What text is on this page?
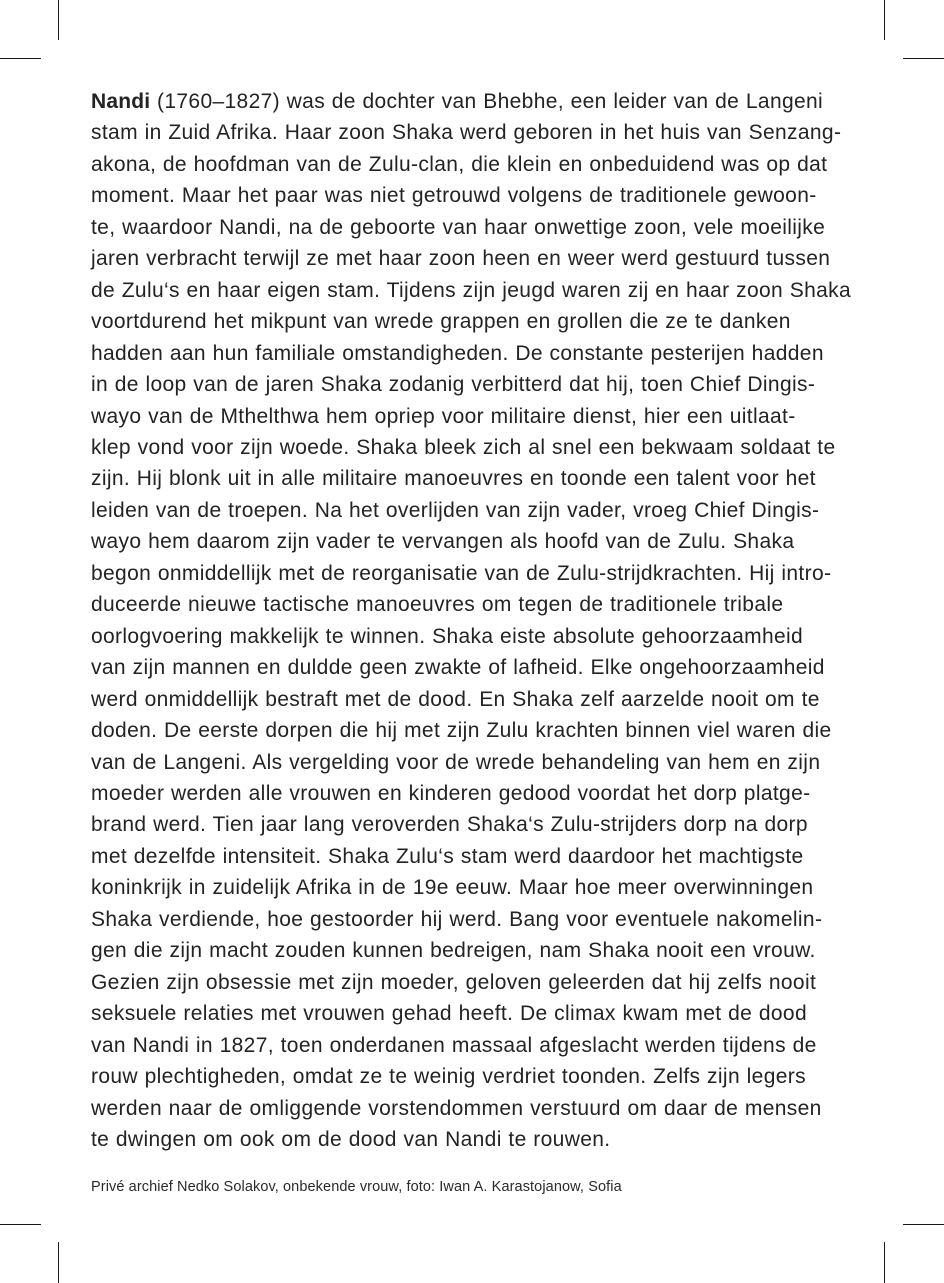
Nandi (1760–1827) was de dochter van Bhebhe, een leider van de Langeni
stam in Zuid Afrika. Haar zoon Shaka werd geboren in het huis van Senzang-
akona, de hoofdman van de Zulu-clan, die klein en onbeduidend was op dat
moment. Maar het paar was niet getrouwd volgens de traditionele gewoon-
te, waardoor Nandi, na de geboorte van haar onwettige zoon, vele moeilijke
jaren verbracht terwijl ze met haar zoon heen en weer werd gestuurd tussen
de Zulu‘s en haar eigen stam. Tijdens zijn jeugd waren zij en haar zoon Shaka
voortdurend het mikpunt van wrede grappen en grollen die ze te danken
hadden aan hun familiale omstandigheden. De constante pesterijen hadden
in de loop van de jaren Shaka zodanig verbitterd dat hij, toen Chief Dingis-
wayo van de Mthelthwa hem opriep voor militaire dienst, hier een uitlaat-
klep vond voor zijn woede. Shaka bleek zich al snel een bekwaam soldaat te
zijn. Hij blonk uit in alle militaire manoeuvres en toonde een talent voor het
leiden van de troepen. Na het overlijden van zijn vader, vroeg Chief Dingis-
wayo hem daarom zijn vader te vervangen als hoofd van de Zulu. Shaka
begon onmiddellijk met de reorganisatie van de Zulu-strijdkrachten. Hij intro-
duceerde nieuwe tactische manoeuvres om tegen de traditionele tribale
oorlogvoering makkelijk te winnen. Shaka eiste absolute gehoorzaamheid
van zijn mannen en duldde geen zwakte of lafheid. Elke ongehoorzaamheid
werd onmiddellijk bestraft met de dood. En Shaka zelf aarzelde nooit om te
doden. De eerste dorpen die hij met zijn Zulu krachten binnen viel waren die
van de Langeni. Als vergelding voor de wrede behandeling van hem en zijn
moeder werden alle vrouwen en kinderen gedood voordat het dorp platge-
brand werd. Tien jaar lang veroverden Shaka‘s Zulu-strijders dorp na dorp
met dezelfde intensiteit. Shaka Zulu‘s stam werd daardoor het machtigste
koninkrijk in zuidelijk Afrika in de 19e eeuw. Maar hoe meer overwinningen
Shaka verdiende, hoe gestoorder hij werd. Bang voor eventuele nakomelin-
gen die zijn macht zouden kunnen bedreigen, nam Shaka nooit een vrouw.
Gezien zijn obsessie met zijn moeder, geloven geleerden dat hij zelfs nooit
seksuele relaties met vrouwen gehad heeft. De climax kwam met de dood
van Nandi in 1827, toen onderdanen massaal afgeslacht werden tijdens de
rouw plechtigheden, omdat ze te weinig verdriet toonden. Zelfs zijn legers
werden naar de omliggende vorstendommen verstuurd om daar de mensen
te dwingen om ook om de dood van Nandi te rouwen.
Privé archief Nedko Solakov, onbekende vrouw, foto: Iwan A. Karastojanow, Sofia
